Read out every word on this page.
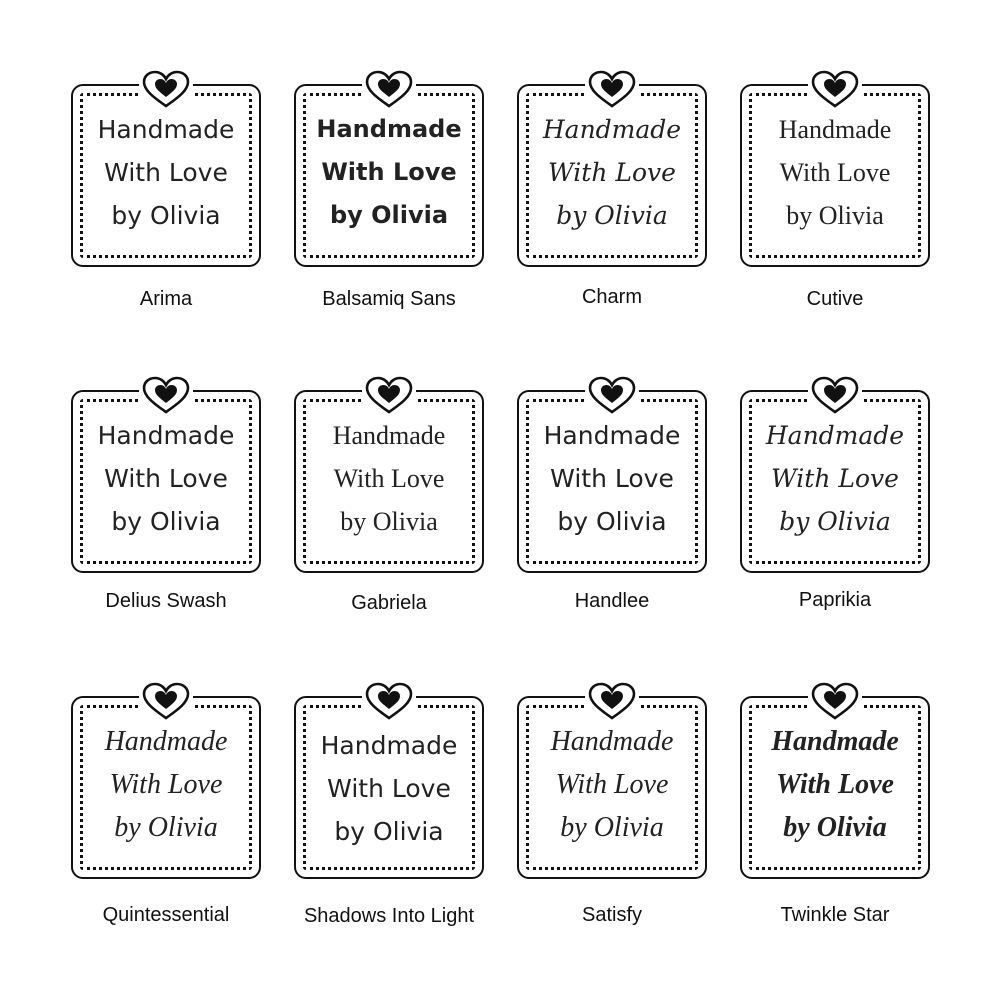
Handmade
With Love
by Olivia
Arima
Handmade
With Love
by Olivia
Balsamiq Sans
Handmade
With Love
by Olivia
Charm
Handmade
With Love
by Olivia
Cutive
Handmade
With Love
by Olivia
Delius Swash
Handmade
With Love
by Olivia
Gabriela
Handmade
With Love
by Olivia
Handlee
Handmade
With Love
by Olivia
Paprikia
Handmade
With Love
by Olivia
Quintessential
Handmade
With Love
by Olivia
Shadows Into Light
Handmade
With Love
by Olivia
Satisfy
Handmade
With Love
by Olivia
Twinkle Star
